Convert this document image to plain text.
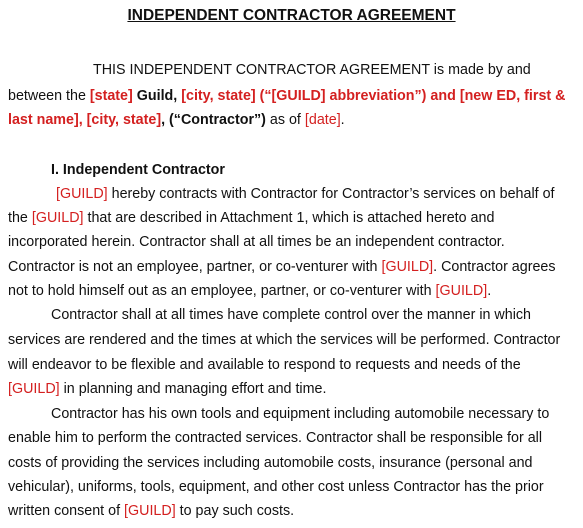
INDEPENDENT CONTRACTOR AGREEMENT
THIS INDEPENDENT CONTRACTOR AGREEMENT is made by and
between the [state] Guild, [city, state] (“[GUILD] abbreviation”) and [new ED, first &
last name], [city, state], (“Contractor”) as of [date].
I. Independent Contractor
[GUILD] hereby contracts with Contractor for Contractor’s services on behalf of
the [GUILD] that are described in Attachment 1, which is attached hereto and
incorporated herein. Contractor shall at all times be an independent contractor.
Contractor is not an employee, partner, or co-venturer with [GUILD]. Contractor agrees
not to hold himself out as an employee, partner, or co-venturer with [GUILD].
Contractor shall at all times have complete control over the manner in which
services are rendered and the times at which the services will be performed. Contractor
will endeavor to be flexible and available to respond to requests and needs of the
[GUILD] in planning and managing effort and time.
Contractor has his own tools and equipment including automobile necessary to
enable him to perform the contracted services. Contractor shall be responsible for all
costs of providing the services including automobile costs, insurance (personal and
vehicular), uniforms, tools, equipment, and other cost unless Contractor has the prior
written consent of [GUILD] to pay such costs.
